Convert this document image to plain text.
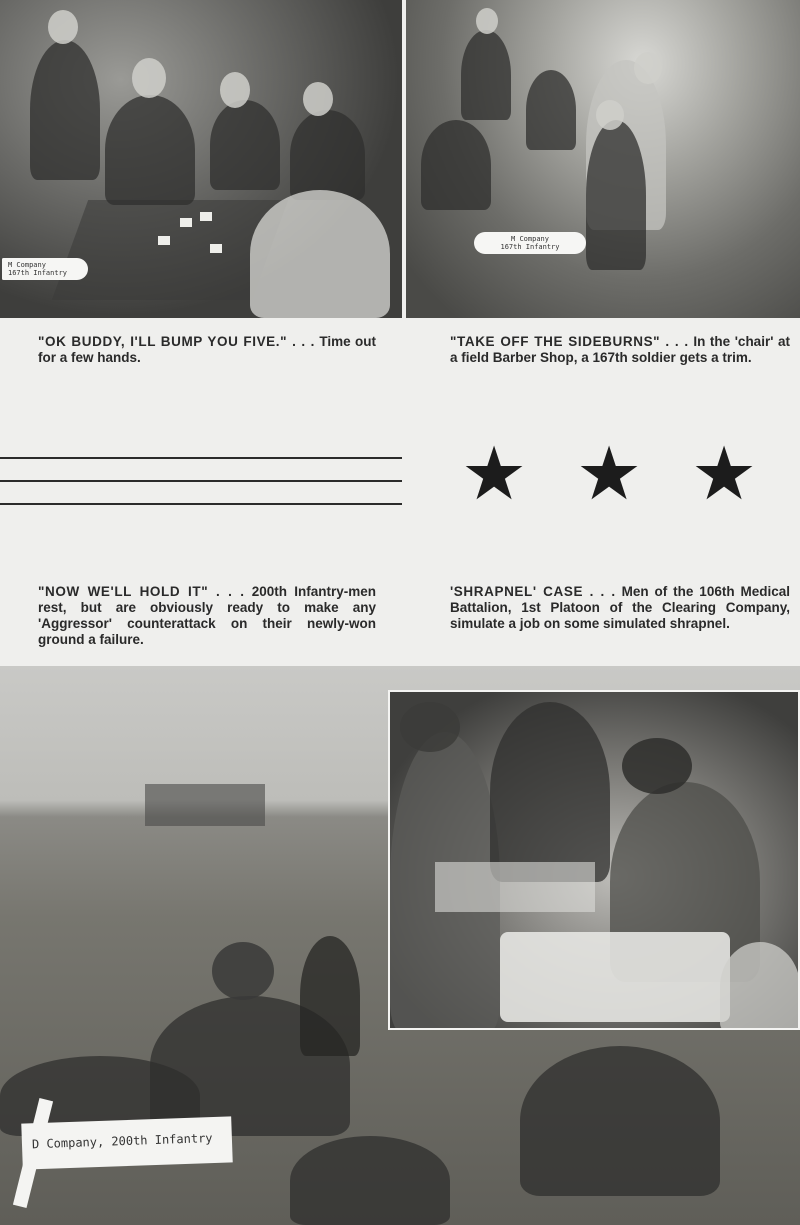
M Company
167th Infantry
M Company
167th Infantry

"OK BUDDY, I'LL BUMP YOU FIVE." . . . Time out for a few hands.

"TAKE OFF THE SIDEBURNS" . . . In the 'chair' at a field Barber Shop, a 167th soldier gets a trim.

★ ★ ★

"NOW WE'LL HOLD IT" . . . 200th Infantry-men rest, but are obviously ready to make any 'Aggressor' counterattack on their newly-won ground a failure.

'SHRAPNEL' CASE . . . Men of the 106th Medical Battalion, 1st Platoon of the Clearing Company, simulate a job on some simulated shrapnel.

D Company, 200th Infantry
